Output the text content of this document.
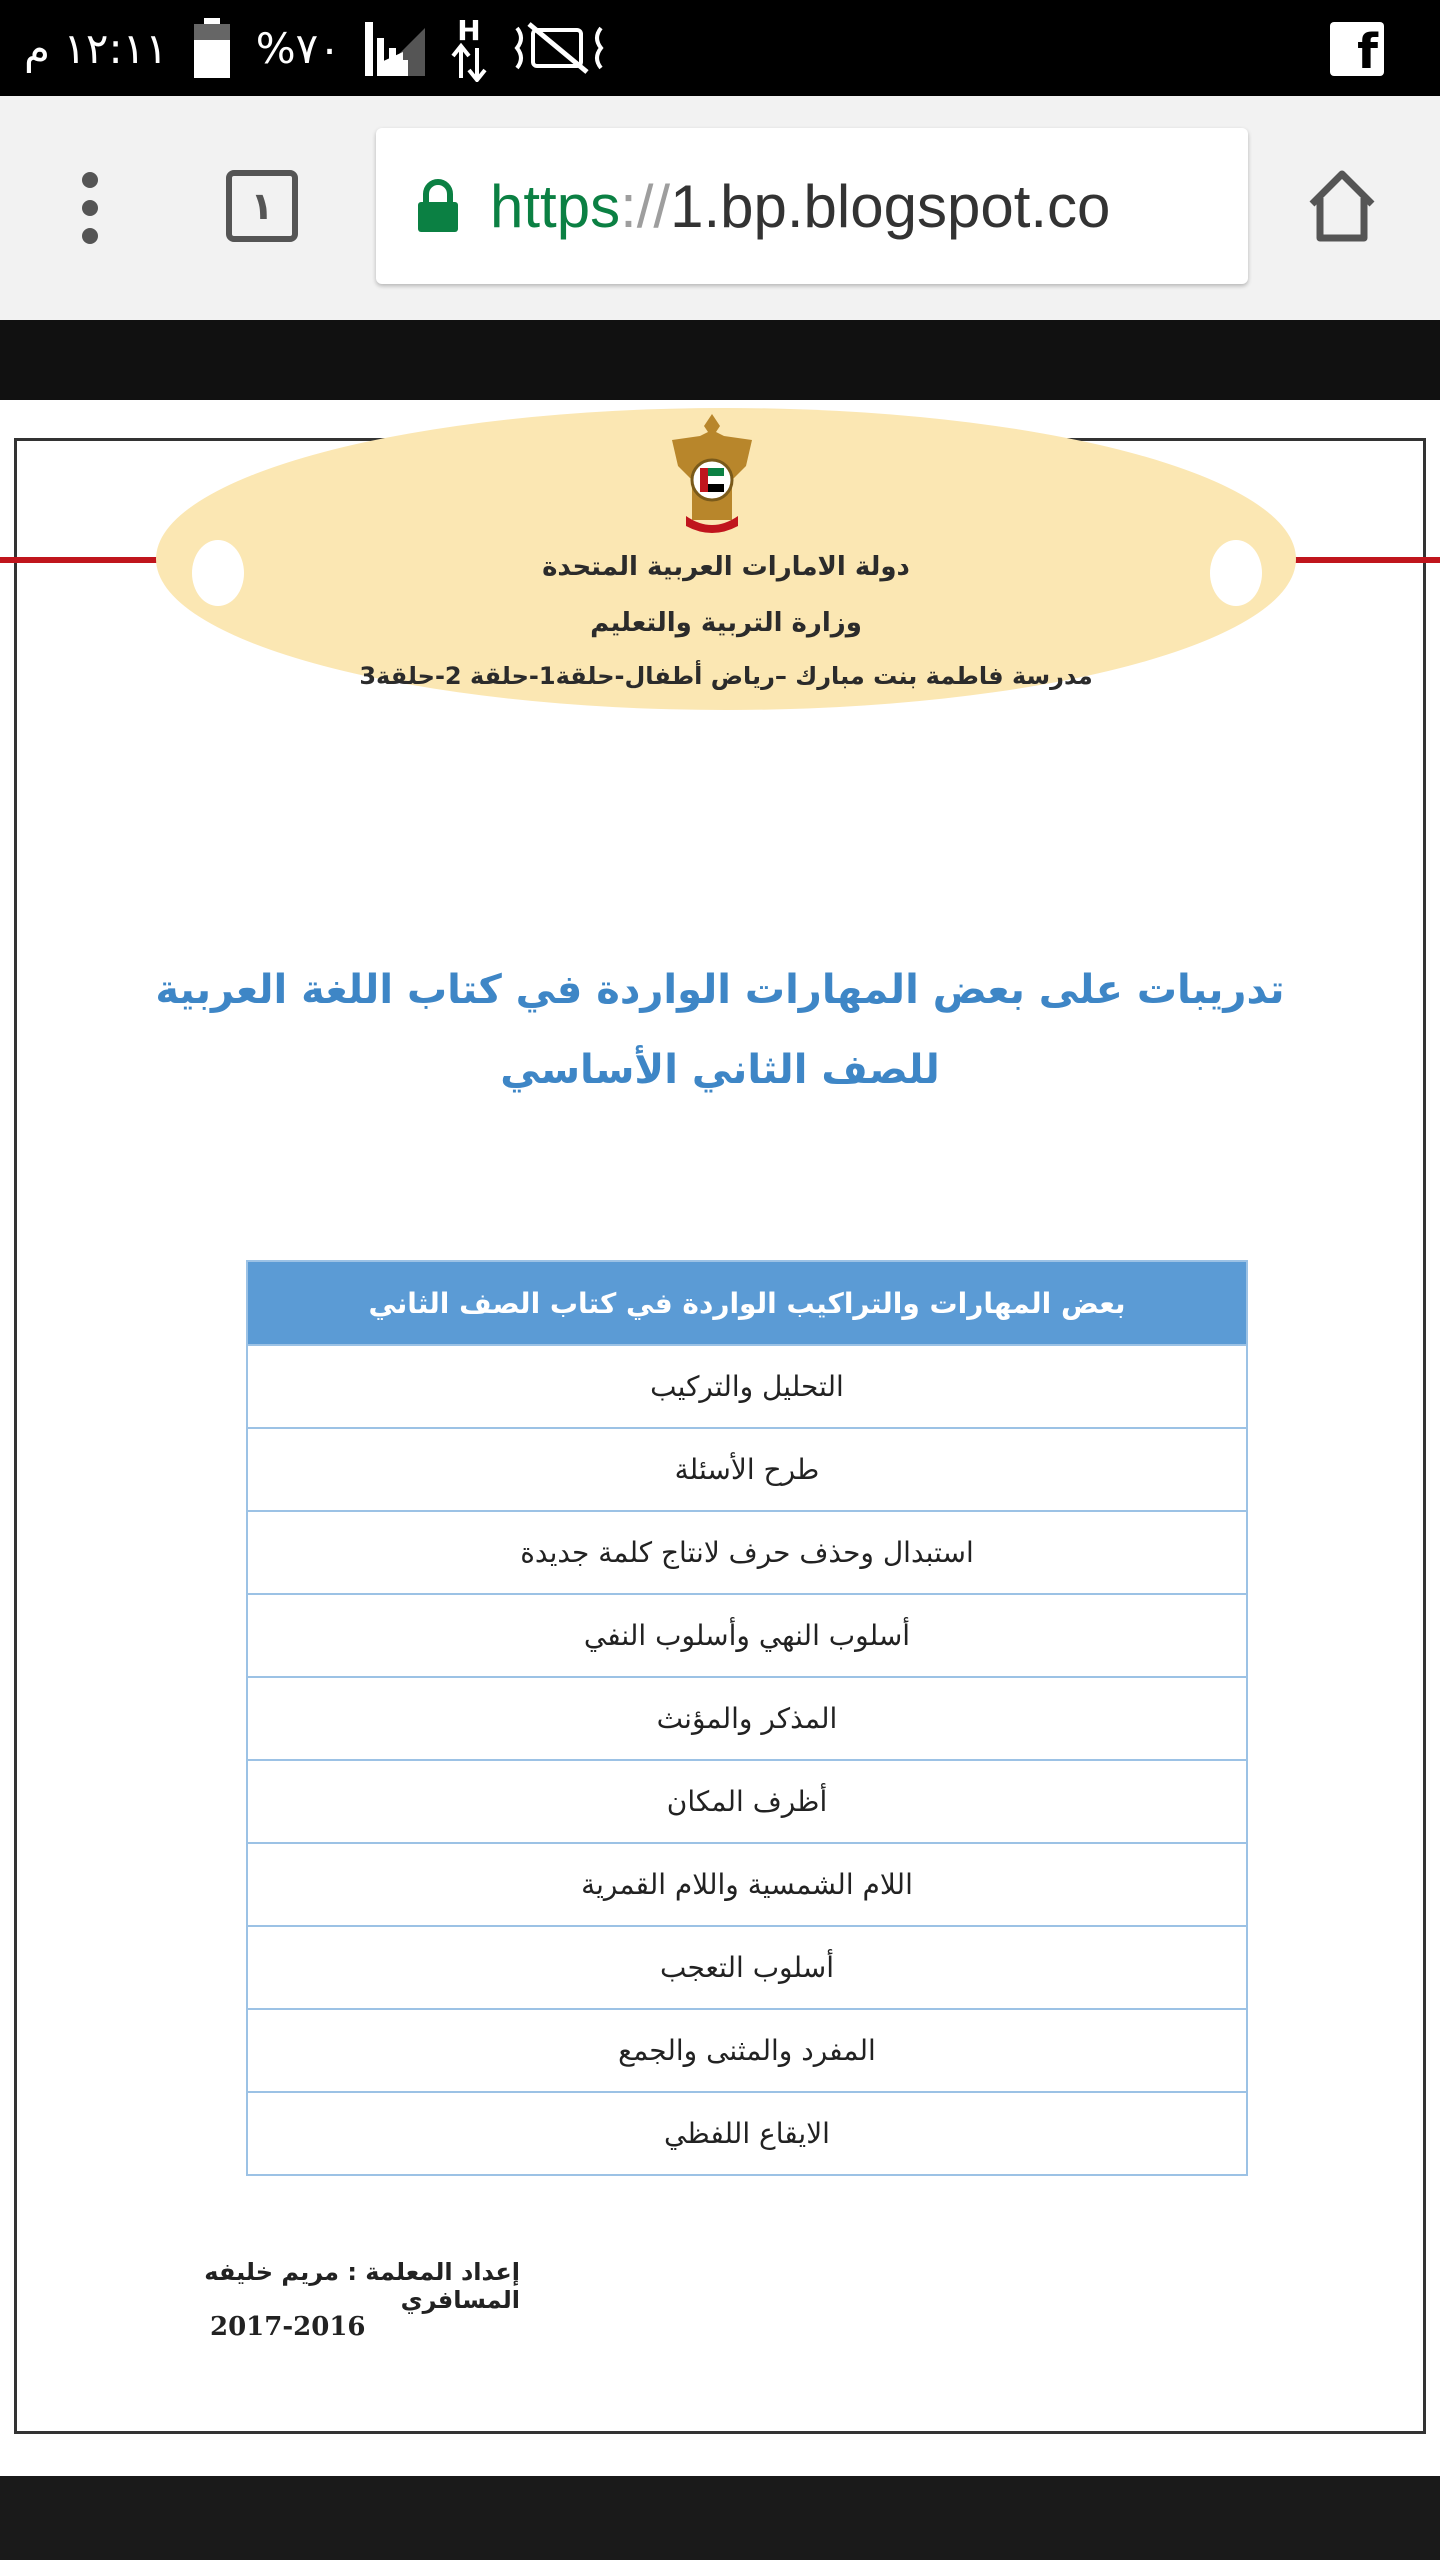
١٢:١١ م %٧٠	H	f
١	https://1.bp.blogspot.co
دولة الامارات العربية المتحدة
وزارة التربية والتعليم
مدرسة فاطمة بنت مبارك –رياض أطفال-حلقة1-حلقة 2-حلقة3
تدريبات على بعض المهارات الواردة في كتاب اللغة العربية للصف الثاني الأساسي
بعض المهارات والتراكيب الواردة في كتاب الصف الثاني
التحليل والتركيب
طرح الأسئلة
استبدال وحذف حرف لانتاج كلمة جديدة
أسلوب النهي وأسلوب النفي
المذكر والمؤنث
أظرف المكان
اللام الشمسية واللام القمرية
أسلوب التعجب
المفرد والمثنى والجمع
الايقاع اللفظي
إعداد المعلمة : مريم خليفه المسافري
2017-2016
